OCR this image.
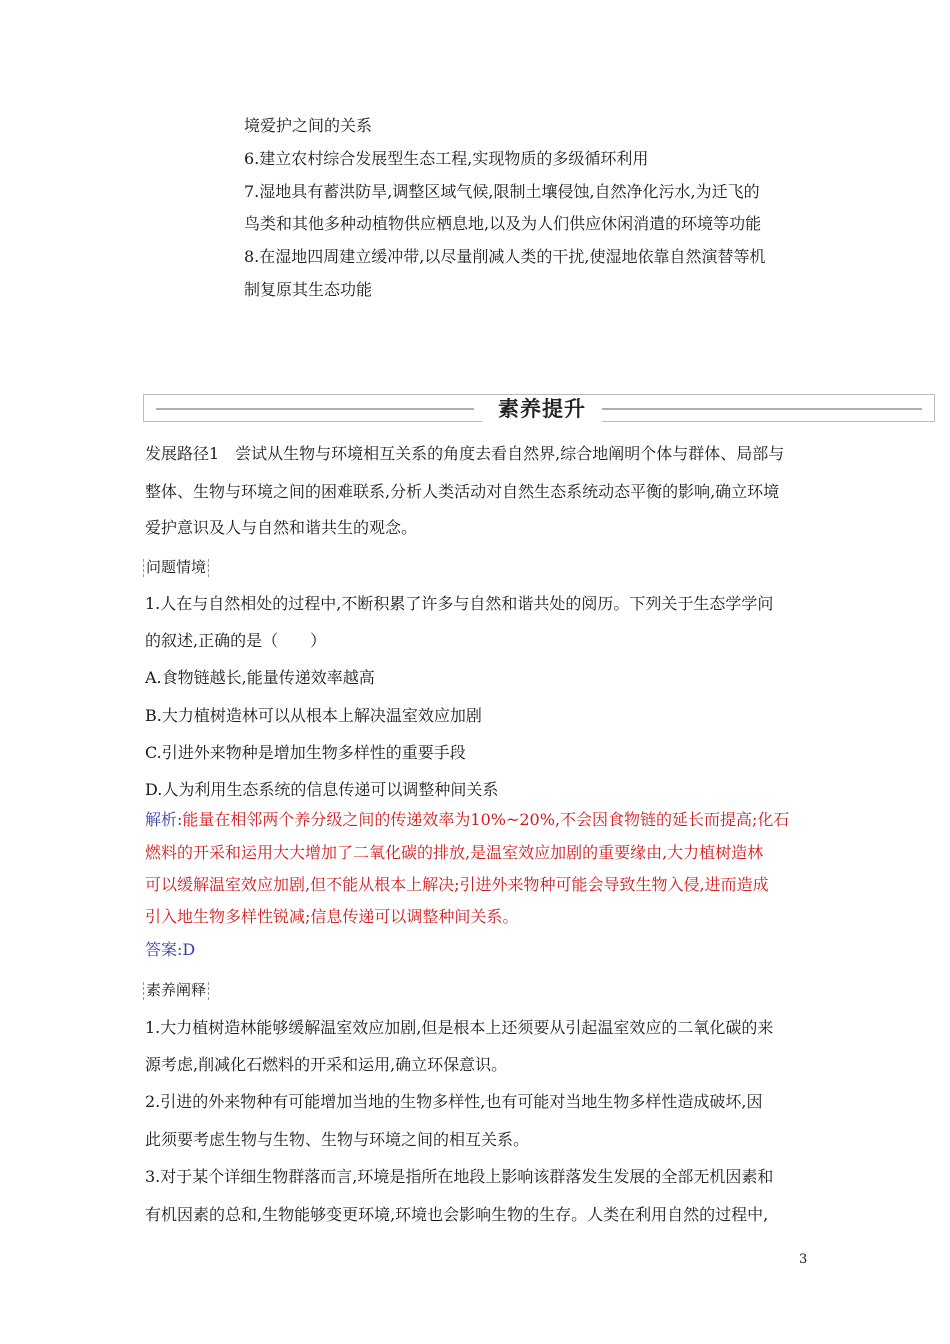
境爱护之间的关系
6.建立农村综合发展型生态工程,实现物质的多级循环利用
7.湿地具有蓄洪防旱,调整区域气候,限制土壤侵蚀,自然净化污水,为迁飞的
鸟类和其他多种动植物供应栖息地,以及为人们供应休闲消遣的环境等功能
8.在湿地四周建立缓冲带,以尽量削减人类的干扰,使湿地依靠自然演替等机
制复原其生态功能
素养提升
发展路径1　尝试从生物与环境相互关系的角度去看自然界,综合地阐明个体与群体、局部与
整体、生物与环境之间的困难联系,分析人类活动对自然生态系统动态平衡的影响,确立环境
爱护意识及人与自然和谐共生的观念。
问题情境
1.人在与自然相处的过程中,不断积累了许多与自然和谐共处的阅历。下列关于生态学学问
的叙述,正确的是（　　）
A.食物链越长,能量传递效率越高
B.大力植树造林可以从根本上解决温室效应加剧
C.引进外来物种是增加生物多样性的重要手段
D.人为利用生态系统的信息传递可以调整种间关系
解析:能量在相邻两个养分级之间的传递效率为10%~20%,不会因食物链的延长而提高;化石
燃料的开采和运用大大增加了二氧化碳的排放,是温室效应加剧的重要缘由,大力植树造林
可以缓解温室效应加剧,但不能从根本上解决;引进外来物种可能会导致生物入侵,进而造成
引入地生物多样性锐减;信息传递可以调整种间关系。
答案:D
素养阐释
1.大力植树造林能够缓解温室效应加剧,但是根本上还须要从引起温室效应的二氧化碳的来
源考虑,削减化石燃料的开采和运用,确立环保意识。
2.引进的外来物种有可能增加当地的生物多样性,也有可能对当地生物多样性造成破坏,因
此须要考虑生物与生物、生物与环境之间的相互关系。
3.对于某个详细生物群落而言,环境是指所在地段上影响该群落发生发展的全部无机因素和
有机因素的总和,生物能够变更环境,环境也会影响生物的生存。人类在利用自然的过程中,
3
